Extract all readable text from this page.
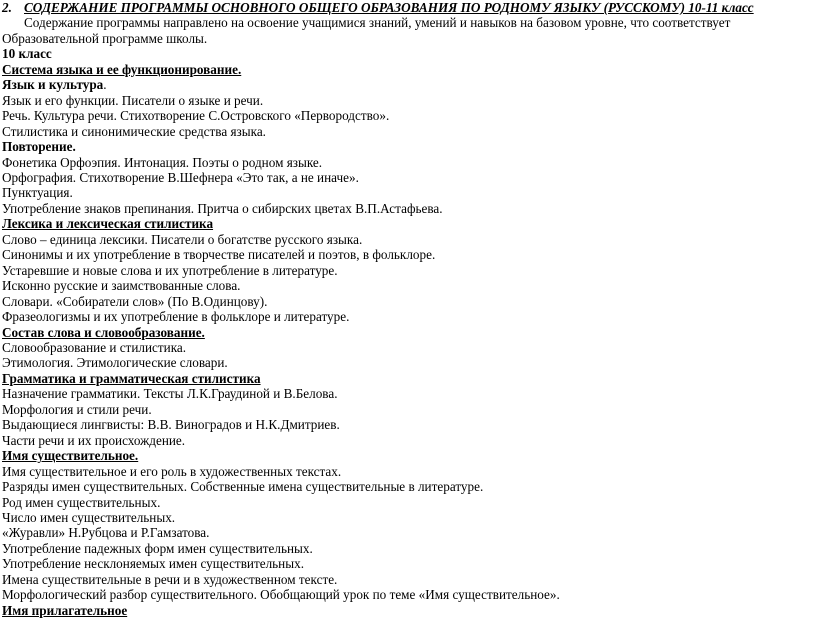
2. СОДЕРЖАНИЕ ПРОГРАММЫ ОСНОВНОГО ОБЩЕГО ОБРАЗОВАНИЯ ПО РОДНОМУ ЯЗЫКУ (РУССКОМУ) 10-11 класс
Содержание программы направлено на освоение учащимися знаний, умений и навыков на базовом уровне, что соответствует
Образовательной программе школы.
10 класс
Система языка и ее функционирование.
Язык и культура.
Язык и его функции. Писатели о языке и речи.
Речь. Культура речи. Стихотворение С.Островского «Первородство».
Стилистика и синонимические средства языка.
Повторение.
Фонетика Орфоэпия. Интонация. Поэты о родном языке.
Орфография. Стихотворение В.Шефнера «Это так, а не иначе».
Пунктуация.
Употребление знаков препинания. Притча о сибирских цветах В.П.Астафьева.
Лексика и лексическая стилистика
Слово – единица лексики. Писатели о богатстве русского языка.
Синонимы и их употребление в творчестве писателей и поэтов, в фольклоре.
Устаревшие и новые слова и их употребление в литературе.
Исконно русские и заимствованные слова.
Словари. «Собиратели слов» (По В.Одинцову).
Фразеологизмы и их употребление в фольклоре и литературе.
Состав слова и словообразование.
Словообразование и стилистика.
Этимология. Этимологические словари.
Грамматика и грамматическая стилистика
Назначение грамматики. Тексты Л.К.Граудиной и В.Белова.
Морфология и стили речи.
Выдающиеся лингвисты: В.В. Виноградов и Н.К.Дмитриев.
Части речи и их происхождение.
Имя существительное.
Имя существительное и его роль в художественных текстах.
Разряды имен существительных. Собственные имена существительные в литературе.
Род имен существительных.
Число имен существительных.
«Журавли» Н.Рубцова и Р.Гамзатова.
Употребление падежных форм имен существительных.
Употребление несклоняемых имен существительных.
Имена существительные в речи и в художественном тексте.
Морфологический разбор существительного. Обобщающий урок по теме «Имя существительное».
Имя прилагательное
